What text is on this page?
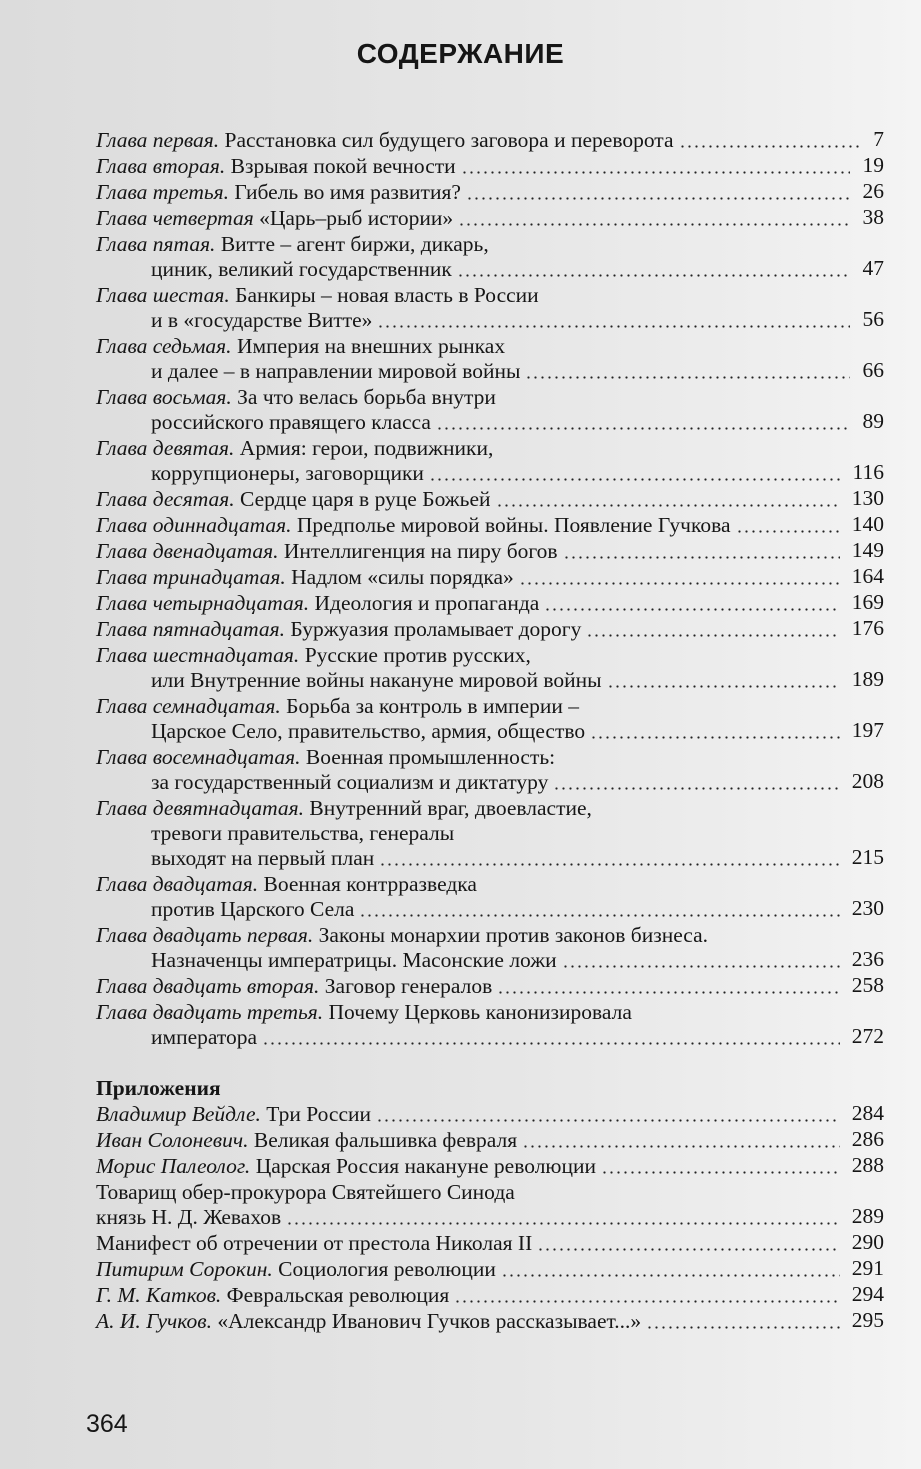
СОДЕРЖАНИЕ
Глава первая. Расстановка сил будущего заговора и переворота	7
Глава вторая. Взрывая покой вечности	19
Глава третья. Гибель во имя развития?	26
Глава четвертая «Царь–рыб истории»	38
Глава пятая. Витте – агент биржи, дикарь,
циник, великий государственник	47
Глава шестая. Банкиры – новая власть в России
и в «государстве Витте»	56
Глава седьмая. Империя на внешних рынках
и далее – в направлении мировой войны	66
Глава восьмая. За что велась борьба внутри
российского правящего класса	89
Глава девятая. Армия: герои, подвижники,
коррупционеры, заговорщики	116
Глава десятая. Сердце царя в руце Божьей	130
Глава одиннадцатая. Предполье мировой войны. Появление Гучкова	140
Глава двенадцатая. Интеллигенция на пиру богов	149
Глава тринадцатая. Надлом «силы порядка»	164
Глава четырнадцатая. Идеология и пропаганда	169
Глава пятнадцатая. Буржуазия проламывает дорогу	176
Глава шестнадцатая. Русские против русских,
или Внутренние войны накануне мировой войны	189
Глава семнадцатая. Борьба за контроль в империи –
Царское Село, правительство, армия, общество	197
Глава восемнадцатая. Военная промышленность:
за государственный социализм и диктатуру	208
Глава девятнадцатая. Внутренний враг, двоевластие,
тревоги правительства, генералы
выходят на первый план	215
Глава двадцатая. Военная контрразведка
против Царского Села	230
Глава двадцать первая. Законы монархии против законов бизнеса.
Назначенцы императрицы. Масонские ложи	236
Глава двадцать вторая. Заговор генералов	258
Глава двадцать третья. Почему Церковь канонизировала
императора	272
Приложения
Владимир Вейдле. Три России	284
Иван Солоневич. Великая фальшивка февраля	286
Морис Палеолог. Царская Россия накануне революции	288
Товарищ обер-прокурора Святейшего Синода
князь Н. Д. Жевахов	289
Манифест об отречении от престола Николая II	290
Питирим Сорокин. Социология революции	291
Г. М. Катков. Февральская революция	294
А. И. Гучков. «Александр Иванович Гучков рассказывает...»	295
364
